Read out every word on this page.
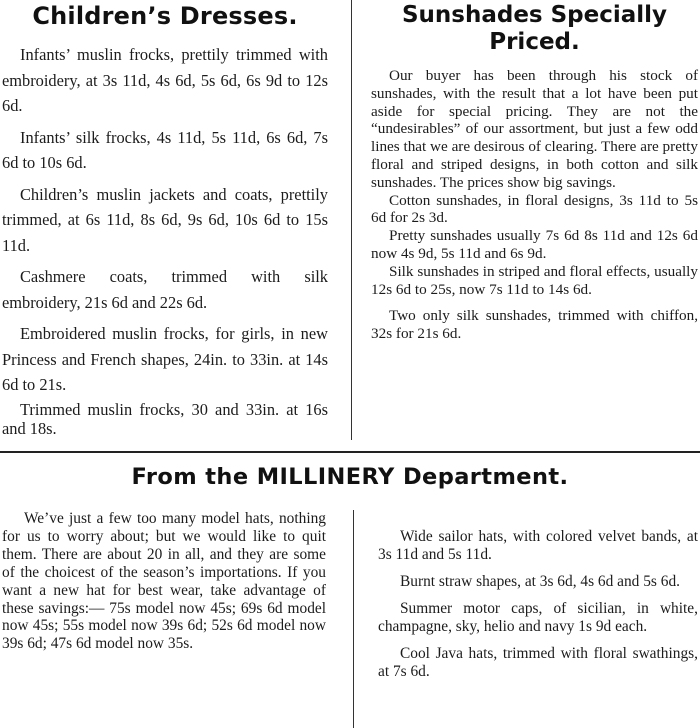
Children’s Dresses.

Infants’ muslin frocks, prettily trimmed with embroidery, at 3s 11d, 4s 6d, 5s 6d, 6s 9d to 12s 6d.

Infants’ silk frocks, 4s 11d, 5s 11d, 6s 6d, 7s 6d to 10s 6d.

Children’s muslin jackets and coats, prettily trimmed, at 6s 11d, 8s 6d, 9s 6d, 10s 6d to 15s 11d.

Cashmere coats, trimmed with silk embroidery, 21s 6d and 22s 6d.

Embroidered muslin frocks, for girls, in new Princess and French shapes, 24in. to 33in. at 14s 6d to 21s.

Trimmed muslin frocks, 30 and 33in. at 16s and 18s.

Sunshades Specially Priced.

Our buyer has been through his stock of sunshades, with the result that a lot have been put aside for special pricing. They are not the “undesirables” of our assortment, but just a few odd lines that we are desirous of clearing. There are pretty floral and striped designs, in both cotton and silk sunshades. The prices show big savings.

Cotton sunshades, in floral designs, 3s 11d to 5s 6d for 2s 3d.

Pretty sunshades usually 7s 6d 8s 11d and 12s 6d now 4s 9d, 5s 11d and 6s 9d.

Silk sunshades in striped and floral effects, usually 12s 6d to 25s, now 7s 11d to 14s 6d.

Two only silk sunshades, trimmed with chiffon, 32s for 21s 6d.

From the MILLINERY Department.

We’ve just a few too many model hats, nothing for us to worry about; but we would like to quit them. There are about 20 in all, and they are some of the choicest of the season’s importations. If you want a new hat for best wear, take advantage of these savings:— 75s model now 45s; 69s 6d model now 45s; 55s model now 39s 6d; 52s 6d model now 39s 6d; 47s 6d model now 35s.

Wide sailor hats, with colored velvet bands, at 3s 11d and 5s 11d.

Burnt straw shapes, at 3s 6d, 4s 6d and 5s 6d.

Summer motor caps, of sicilian, in white, champagne, sky, helio and navy 1s 9d each.

Cool Java hats, trimmed with floral swathings, at 7s 6d.
